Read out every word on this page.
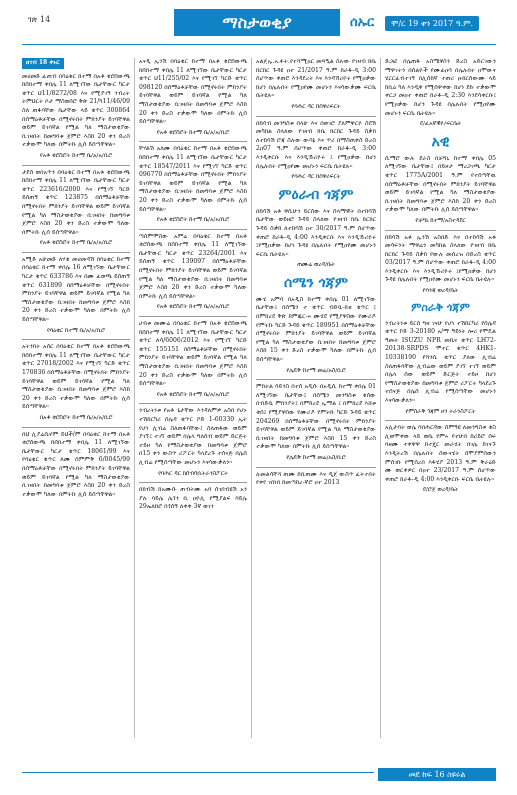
ገጽ 14	ማስታወቂያ	ሰኡር ሞ/ር 19 ቀን 2017 ዓ.ም.
ዘገብ 18 ቀኑር

መሀመድ ፈጠብ በባዕቁር ከተማ በአቶ ቂሮሰውጫ ክሰክተማ ቀበሌ 11 ለሚገኘው ቤታቸውር ካርታ ቁጥር ህ11/8272/08 እና የሚያገኝ ንብረት ትምህርት ቦታ ማስወሰሮ ቅጽ 21/ካ11/46/09 ስለ ጠፋባቸው ቤታቸው ላይ ቁጥር 300864 በሰማዕቶቻቸው በሚኖሩበት ምክንያት ይገባቸዋል ወይም ይገባኛል የሚል ካለ ማስታወቂያው ቢገዛበት ከመግባቱ ጀምሮ እስከ 20 ቀን ድረስ ተቃውሞ ካለው በምትኩ ሊሰ ይሰጣቸዋል፡፡

የአቶ ቂሮስሮት ከተማ ቤ/አ/አ/ቢሮ

ታደሰ ወበአጥን በባዕቁር ከተማ በአቶ ቂሮሰውጫ ክሰክተማ ቀበሌ 11 ለሚገኘው ቤታቸውር ካርታ ቁጥር 223616/2000 እና የሚገኘ ካርድ ይሰጠኝ ቁጥር 123875 በሰማዕቶቻቸው በሚኖሩበት ምክንያት ይገባቸዋል ወይም ይገባኛል የሚል ካለ ማስታወቂያው ቢገዛበት ከመግባቱ ጀምሮ እስከ 20 ቀን ድረስ ተቃውሞ ካለው በምትኩ ሊሰ ይሰጣቸዋል፡፡

የአቶ ቂሮስሮት ከተማ ቤ/አ/አ/ቢሮ

አሚድ አሁመድ ለሃቂ መሀመዳሽ በባዕቁር ከተማ በባዕቁር ከተማ ቀበሌ 16 ለሚገኘው ቤታቸውር ካርታ ቁጥር 633786 እና በሙ ፈወጫ ይሰጠኝ ቁጥር 631899 በሰማዕቶቻቸው በሚኖሩበት ምክንያት ይገባቸዋል ወይም ይገባኛል የሚል ካለ ማስታወቂያው ቢገዛበት ከመግባቱ ጀምሮ እስከ 20 ቀን ድረስ ተቃውሞ ካለው በምትኩ ሊሰ ይሰጣቸዋል፡፡

የባዕቁር ከተማ ቤ/አ/አ/ቢሮ

አትንክት አሰር በባዕቁር ከተማ በአቶ ቂሮሰውጫ ክሰክተማ ቀበሌ 11 ለሚገኘው ቤታቸውር ካርታ ቁጥር 27018/2002 እና የሚገኘ ካርድ ቁጥር 170836 በሰማዕቶቻቸው በሚኖሩበት ምክንያት ይገባቸዋል ወይም ይገባኛል የሚል ካለ ማስታወቂያው ቢገዛበት ከመግባቱ ጀምሮ እስከ 20 ቀን ድረስ ተቃውሞ ካለው በምትኩ ሊሰ ይሰጣቸዋል፡፡

በአቶ ቂሮስሮት ከተማ ቤ/አ/አ/ቢሮ

በህ ሊያሬሲኖም ይህች/ም በባዕቁር ከተማ በአቶ ቂሮሰውጫ ክሰክተማ ቀበሌ 11 ለሚገኘው ቤታቸውር ካርታ ቁጥር 18061/99 እና የባዕቁር ቁጥር ለሙ ሰምምቅ 6/0045/99 በሰማዕቶቻቸው በሚኖሩበት ምክንያት ይገባቸዋል ወይም ይገባኛል የሚል ካለ ማስታወቂያው ቢገዛበት ከመግባቱ ጀምሮ እስከ 20 ቀን ድረስ ተቃውሞ ካለው በምትኩ ሊሰ ይሰጣቸዋል፡፡

አናዲ ኢንሽ በባዕቁር ከተማ በአቶ ቂሮሰውጫ ክሰክተማ ቀበሌ 11 ለሚገኘው ቤታቸውር ካርታ ቁጥር ህ11/255/02 እና የሚገኘ ካርድ ቁጥር 098120 በሰማዕቶቻቸው በሚኖሩበት ምክንያት ይገባቸዋል ወይም ይገባኛል የሚል ካለ ማስታወቂያው ቢገዛበት ከመግባቱ ጀምሮ እስከ 20 ቀን ድረስ ተቃውሞ ካለው በምትኩ ሊሰ ይሰጣቸዋል፡፡

የአቶ ቂሮስሮት ከተማ ቤ/አ/አ/ቢሮ

ቸሃልሽ አለሙ በባዕቁር ከተማ በአቶ ቂሮሰውጫ ክሰክተማ ቀበሌ 11 ለሚገኘው ቤታቸውር ካርታ ቁጥር 18547/2011 እና የሚገኘ ካርድ ቁጥር 096770 በሰማዕቶቻቸው በሚኖሩበት ምክንያት ይገባቸዋል ወይም ይገባኛል የሚል ካለ ማስታወቂያው ቢገዛበት ከመግባቱ ጀምሮ እስከ 20 ቀን ድረስ ተቃውሞ ካለው በምትኩ ሊሰ ይሰጣቸዋል፡፡

የአቶ ቂሮስሮት ከተማ ቤ/አ/አ/ቢሮ

ጣሰምሞስው አምሬ በባዕቁር ከተማ በአቶ ቂሮሰውጫ ክሰክተማ ቀበሌ 11 ለሚገኘው ቤታቸውር ካርታ ቁጥር 23264/2001 እና ይሰጠኝ ቁጥር 139097 በሰማዕቶቻቸው በሚኖሩበት ምክንያት ይገባቸዋል ወይም ይገባኛል የሚል ካለ ማስታወቂያው ቢገዛበት ከመግባቱ ጀምሮ እስከ 20 ቀን ድረስ ተቃውሞ ካለው በምትኩ ሊሰ ይሰጣቸዋል፡፡

የአቶ ቂሮስሮት ከተማ ቤ/አ/አ/ቢሮ

ሀብቱ መሙሬ በባዕቁር ከተማ በአቶ ቂሮሰውጫ ክሰክተማ ቀበሌ 11 ለሚገኘው ቤታቸውር ካርታ ቁጥር ለሳ/6006/2012 እና የሚገኘ ካርድ ቁጥር 155151 በሰማዕቶቻቸው በሚኖሩበት ምክንያት ይገባቸዋል ወይም ይገባኛል የሚል ካለ ማስታወቂያው ቢገዛበት ከመግባቱ ጀምሮ እስከ 20 ቀን ድረስ ተቃውሞ ካለው በምትኩ ሊሰ ይሰጣቸዋል፡፡

የአቶ ቂሮስሮት ከተማ ቤ/አ/አ/ቢሮ

ንብረትነቱ የአቶ ጌታቸው እንዳለምዎ አስበ የሆኑ ተሽከርካሪ ሰሌዳ ቁጥር ኮድ 1-60330 ኢት የሆነ ሊብሬ ስለጠፋባቸው፤ ስለጠፋው ወይም ያገኘ፤ ተገኘ ወይም በሌላ ግለሰብ ወይም ድርጅት ተይዞ ካለ የማስታወቂያው ከመግባቱ ጀምሮ በ15 ቀን ውስጥ ሪፖርት ካላደረጉ ተሰናጅ በሌሰ ሊብሬ የሚሰጣቸው መሆኑን እናሳውቃለን፡፡

የባሕር ዳር ከሰብሳቢትራንስፖርት

በክብሽ ከአሙሱ ጠብትሙ አባ ሰገበብዩሽ አን ያሉ ባይሌ ሌጎን ቢ ዐዮሊ የሚያልፍ ባይሌ 29ኤለክሮ በጎሰኝ ለቀቀ 3ኛ ወገን

አልጀኢ.አ.ፉት.የተሻሚዐር መጻዒል ስሉው የገዛብ ክቤ ከርከር ጉዳዩ ዐተ 21/2017 ዓ.ም ከራፋ-ዲ 3:00 ሰሆጥው ቀጠሮ እንዳደረት እና እንዳኸሪዮሩ የሚዐቃው ከሆነ በሌሉበት የሚዐየሙ መሆኑን እናሳውቃሙ ፍርቤ ቤትዩሉ፡፡

የባሕር ዳር ከሰዋሪፍርት

በከሳብ መንግስቱ በላሁ እና በወገሮ ያለምዋርዮ ስደሽ መካከል ስላለው የገዛብ ክቤ ክርክር ጉዳይ ስቃክ ለተከሳሽ ሮጃ ስሉው ውሳኔ እና ጥሪ በማስጠቀስ ድረስ 2ዐ07 ዓ.ም ሰሆጥው ቀጠሮ ከራፋ-ዲ 3:00 እንዲቀርቡ እና እንዲኹሪዮሩ ፤ የሚዐቃው ከሆነ በሌሉበት የሚዐየሙ መሆኑን ፍርቤ ቤትዩሉ፡፡

የባሕር ዳር ከሰዋሪፍርት
ምዕራብ ጎጃም

በከሳሽ አቶ ዋሲሁን ይርሰው እና ሰላማዊት በተከሳሽ ቤታቸው ወይዘሮ ጉዳይ ስላለው የገዛብ ክቤ ክርክር ጉዳይ ስቃክ ለተከሳሽ ዐተ 30/2017 ዓ.ም ሰሆጥው ቀጠሮ ከራፋ-ዲ 4:00 እንዲቀርቡ እና እንዲኹሪዮሩ ፤የሚዐቃው ከሆነ ጉዳዩ በሌሉበት የሚዐየሙ መሆኑን ፍርቤ ቤትዩሉ፡፡

ጠሙሬ ወረዳ/ቤት
ሰሜን ጎጃም

ሙሂ አምባ በአዲስ ከተማ ቀበሌ 01 ለሚገኘው ቤታቸው፤ በሰሜን ተ ቁጥር ብድቧ-ክቴ ቁጥር ፤ በምክረደ ቅጽ ከምጁር-ኣ ሙሂደ የሚያዋስው የሙሪዶ የምትኩ ካርድ ጉዳይ ቁጥር 189951 በሰማዕቶቻቸው በሚኖሩበት ምክንያት ይገባቸዋል ወይም ይገባኛል የሚል ካለ ማስታወቂያው ቢገዛበት ከመግባቱ ጀምሮ እስከ 15 ቀን ድረስ ተቃውሞ ካለው በምትኩ ሊሰ ይሰጣቸዋል፡፡

የሌዴቅ ከተማ መሬ/አስ/ቢሮ

ምክትል ሳይንስ በተሰ አዲሱ በአዲሲ ከተማ ቀበሌ 01 ለሚገኘው ቤታቸው፤ በሰሜን መንግስቱ ቂሰው በብድቧ ምክንያት፤ በምክረደ ኢማል ፤ በምክረደ እሸቱ ቂሰ፤ የሚያዋስው የሙሪዶ የምትኩ ካርድ ጉዳይ ቁጥር 204269 በሰማዕቶቻቸው በሚኖሩበት ምክንያት ይገባቸዋል ወይም ይገባኛል የሚል ካለ ማስታወቂያው ቢገዛበት ከመግባቱ ጀምሮ እስከ 15 ቀን ድረስ ተቃውሞ ካለው በምትኩ ሊሰ ይሰጣቸዋል፡፡

የሌዴቅ ከተማ መሬ/አስ/ቢሮ

ሉመልሳቸሻ ጠሙ ከቢጠሙ እና ዲጀ ውስጥ ፈትተበት የቀየ ገበነበ ከመጣከረ-ኛሮ ዐተ 2013

ድጋፎ በሌጠፋ አስሜዋስን ድረስ አድርገውን ማዋገትን በሰልዮች የሙፊዐሳ በሌሉበት ዐሞውና ሂርርፊብተገኝ በሊሰከኛ ተጠሪ ዑክርሰውሙ ላይ ከቢዕ ካለ እንዲዋ የሚሰዋቀው ከሆነ ደኩ ተቃውሞ ቀርጋ መዐተ ቀጠሮ ከራፋ-ዲ 2:30 እንደሳቀርቡ፤ የሚዐቃው ከሆን ጉዳዩ በሌሉበት የሚዐየሙ መሆኑን ፍርቤ ቤትዩሉ፡፡

ደ/ፈአኛዊዮ/ፍርቤት
አዊ

ሲማሮ ውሉ ደራስ በቻግኒ ከተማ ቀበሌ 05 ለሚገኘው ቤታቸው፤ በይዞታ ማረጋገጫ ካርታ ቁጥር 1775A/2001 ዓ.ም የተሰጣቸዉ በሰማዕቶቻቸው በሚኖሩበት ምክንያት ይገባቸዋል ወይም ይገባኛል የሚል ካለ ማስታወቂያው ቢገዛበት ከመግባቱ ጀምሮ እስከ 20 ቀን ድረስ ተቃውሞ ካለው በምትኩ ሊሰ ይሰጣቸዋል፡፡

የቻግኒ ከተማ/አስተዳደር

በከሳሽ አቶ ኢንሽ አስበድ እና በተከሳሽ አቶ መሳፍንት ማዋሬን መካከል ስላለው የገዛብ ክቤ ክርክር ጉዳይ ስቃክ የውሉ መሰረዝ በድረስ ቁጥር 03/2017 ዓ.ም ሰሆጥው ቀጠሮ ከራፋ-ዲ 4:00 እንዲቀርቡ እና እንዲኹሪዮሩ ፤የሚዐቃው ከሆነ ጉዳዩ በሌሉበት የሚዐየሙ መሆኑን ፍርቤ ቤትዩሉ፡፡

የባንጃ ወረዳ/ቤት
ምስራቅ ጎጃም

ንብረትነቱ ይርሰ ግዛ ገናሁ የሆነ ተሽከርካሪ የሰሌዳ ቁጥር ኮድ 3-20180 አ/ማ ዓይነት ሎሪ የሞዴል ዓመት ISUZU NPR መኪና ቁጥር LH72-20138-SRPDS ሞተር ቁጥር 4HK1-10338190 የሻንሲ ቁጥር ያለው ሊብሬ ስለጠፋባቸው ሊብሬው ወይም ያገኘ ተገኘ ወይም በሌላ ሰው ወይም ድርጅት ተይዞ ከሆነ የማስታወቂያው ከመግባቱ ጀምሮ ሪፖርት ካላደረጉ ተሰናጅ በሌሰ ሊብሬ የሚሰጣቸው መሆኑን እናሳውቃለን፡፡

የምስራቅ ጎጃም ዞን ትራንስፖርት

አሊታባት ወሌ ባበሕርዳው ሰምዓዩ ለመንግስቱ ቂስ ሊወሞቀው ላይ ወቤ የምኣ የተሁበ ከሪይሮ ሰፍ ባዘሙ ተቀዋዋ ከተጄር መራሂት በገሌ ከገናኙ እንዲትረሽ በሌሉበት ሰውናሂት ከሞያምሰውን ምሰገኩ የሚሰረበ እፋሂያ 2013 ዓ.ም ቅራዕድ ሙ ወርቀዎር በዐተ 23/2017 ዓ.ም ሰሆጥው ቀጠሮ ከራፋ-ዲ 4:00 እንዲቀርቡ ፍርቤ ቤትዩሉ፡፡

ደ/ሮጀ ወረዳ/ቤት
መደ ከፍ 16 ስዩሩል
